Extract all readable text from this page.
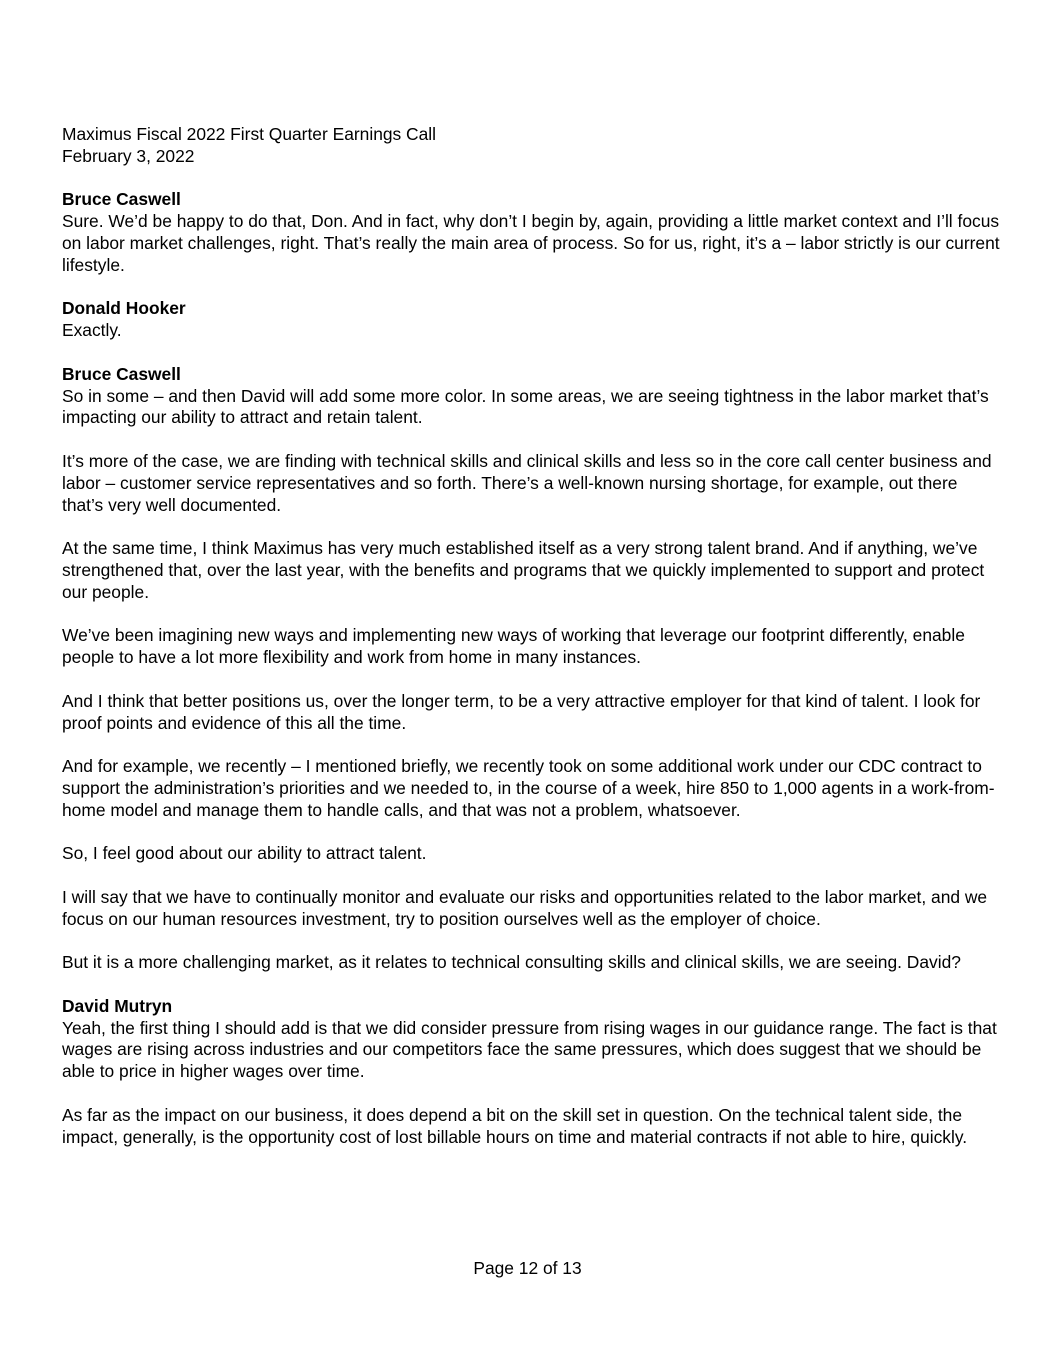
Maximus Fiscal 2022 First Quarter Earnings Call
February 3, 2022
Bruce Caswell
Sure. We’d be happy to do that, Don. And in fact, why don’t I begin by, again, providing a little market context and I’ll focus on labor market challenges, right. That’s really the main area of process. So for us, right, it’s a – labor strictly is our current lifestyle.
Donald Hooker
Exactly.
Bruce Caswell
So in some – and then David will add some more color. In some areas, we are seeing tightness in the labor market that’s impacting our ability to attract and retain talent.
It’s more of the case, we are finding with technical skills and clinical skills and less so in the core call center business and labor – customer service representatives and so forth. There’s a well-known nursing shortage, for example, out there that’s very well documented.
At the same time, I think Maximus has very much established itself as a very strong talent brand. And if anything, we’ve strengthened that, over the last year, with the benefits and programs that we quickly implemented to support and protect our people.
We’ve been imagining new ways and implementing new ways of working that leverage our footprint differently, enable people to have a lot more flexibility and work from home in many instances.
And I think that better positions us, over the longer term, to be a very attractive employer for that kind of talent. I look for proof points and evidence of this all the time.
And for example, we recently – I mentioned briefly, we recently took on some additional work under our CDC contract to support the administration’s priorities and we needed to, in the course of a week, hire 850 to 1,000 agents in a work-from-home model and manage them to handle calls, and that was not a problem, whatsoever.
So, I feel good about our ability to attract talent.
I will say that we have to continually monitor and evaluate our risks and opportunities related to the labor market, and we focus on our human resources investment, try to position ourselves well as the employer of choice.
But it is a more challenging market, as it relates to technical consulting skills and clinical skills, we are seeing. David?
David Mutryn
Yeah, the first thing I should add is that we did consider pressure from rising wages in our guidance range. The fact is that wages are rising across industries and our competitors face the same pressures, which does suggest that we should be able to price in higher wages over time.
As far as the impact on our business, it does depend a bit on the skill set in question. On the technical talent side, the impact, generally, is the opportunity cost of lost billable hours on time and material contracts if not able to hire, quickly.
Page 12 of 13
